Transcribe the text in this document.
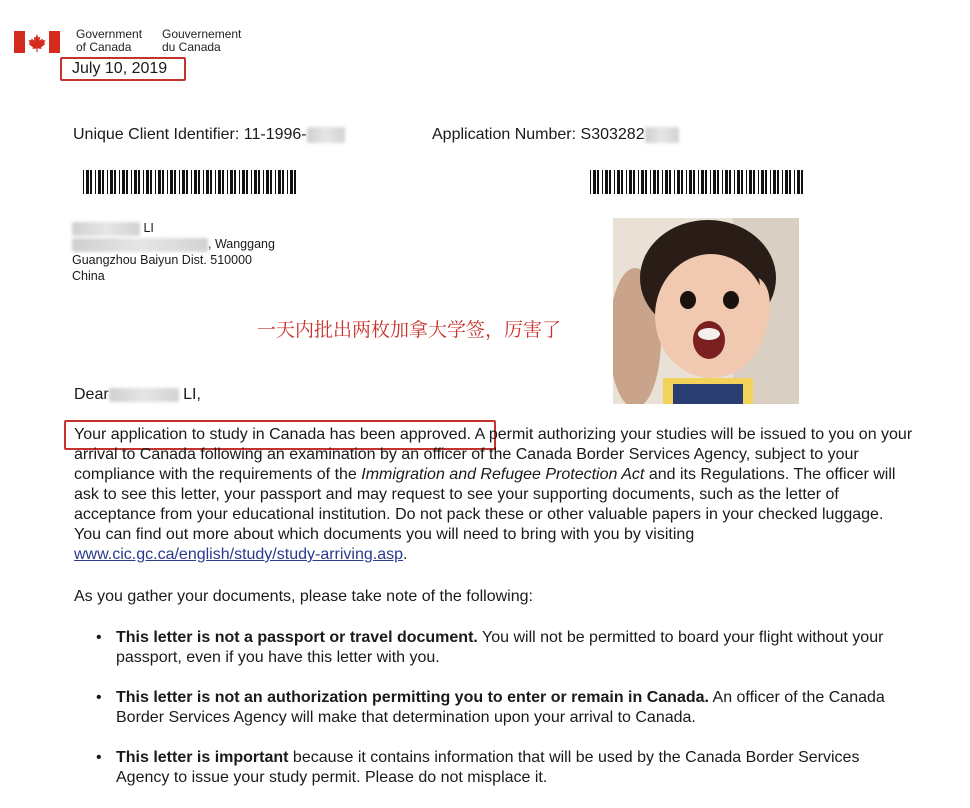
Government
of Canada
Gouvernement
du Canada
July 10, 2019
Unique Client Identifier: 11-1996-	Application Number: S303282
LI
, Wanggang
Guangzhou Baiyun Dist. 510000
China
一天内批出两枚加拿大学签，厉害了
Dear	LI,
Your application to study in Canada has been approved. A permit authorizing your studies will be issued to you on your arrival to Canada following an examination by an officer of the Canada Border Services Agency, subject to your compliance with the requirements of the Immigration and Refugee Protection Act and its Regulations. The officer will ask to see this letter, your passport and may request to see your supporting documents, such as the letter of acceptance from your educational institution. Do not pack these or other valuable papers in your checked luggage. You can find out more about which documents you will need to bring with you by visiting www.cic.gc.ca/english/study/study-arriving.asp.
As you gather your documents, please take note of the following:
• This letter is not a passport or travel document. You will not be permitted to board your flight without your passport, even if you have this letter with you.
• This letter is not an authorization permitting you to enter or remain in Canada. An officer of the Canada Border Services Agency will make that determination upon your arrival to Canada.
• This letter is important because it contains information that will be used by the Canada Border Services Agency to issue your study permit. Please do not misplace it.
